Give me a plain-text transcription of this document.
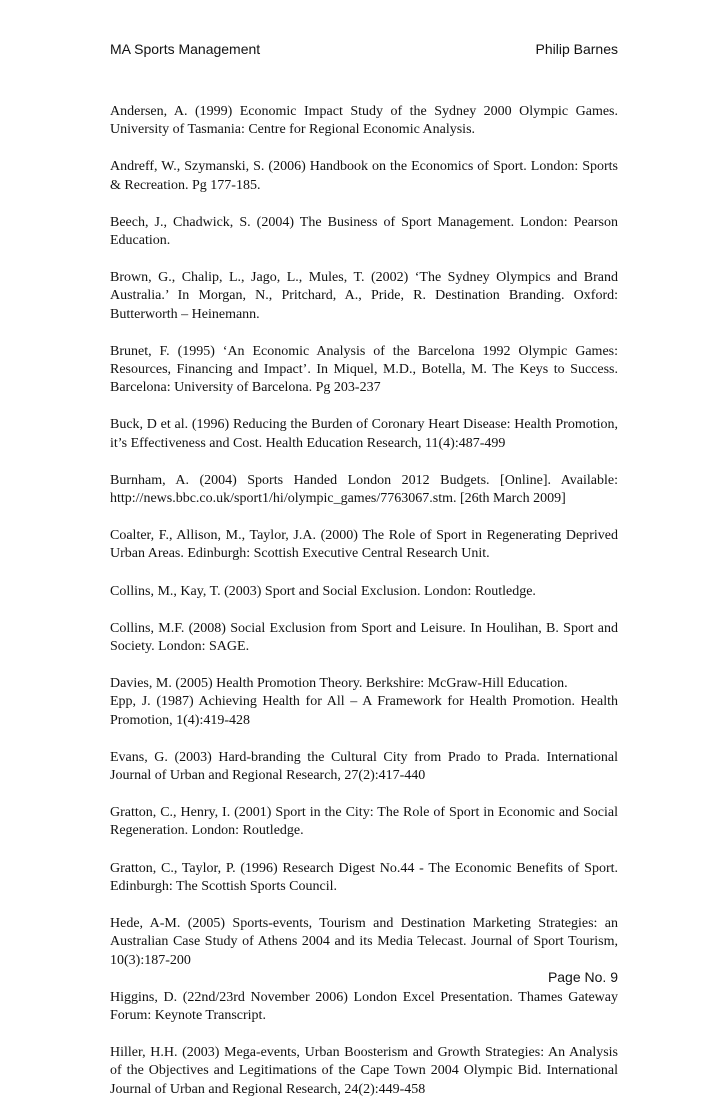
MA Sports Management	Philip Barnes

Andersen, A. (1999) Economic Impact Study of the Sydney 2000 Olympic Games. University of Tasmania: Centre for Regional Economic Analysis.

Andreff, W., Szymanski, S. (2006) Handbook on the Economics of Sport. London: Sports & Recreation. Pg 177-185.

Beech, J., Chadwick, S. (2004) The Business of Sport Management. London: Pearson Education.

Brown, G., Chalip, L., Jago, L., Mules, T. (2002) ‘The Sydney Olympics and Brand Australia.’ In Morgan, N., Pritchard, A., Pride, R. Destination Branding. Oxford: Butterworth – Heinemann.

Brunet, F. (1995) ‘An Economic Analysis of the Barcelona 1992 Olympic Games: Resources, Financing and Impact’. In Miquel, M.D., Botella, M. The Keys to Success. Barcelona: University of Barcelona. Pg 203-237

Buck, D et al. (1996) Reducing the Burden of Coronary Heart Disease: Health Promotion, it’s Effectiveness and Cost. Health Education Research, 11(4):487-499

Burnham, A. (2004) Sports Handed London 2012 Budgets. [Online]. Available: http://news.bbc.co.uk/sport1/hi/olympic_games/7763067.stm. [26th March 2009]

Coalter, F., Allison, M., Taylor, J.A. (2000) The Role of Sport in Regenerating Deprived Urban Areas. Edinburgh: Scottish Executive Central Research Unit.

Collins, M., Kay, T. (2003) Sport and Social Exclusion. London: Routledge.

Collins, M.F. (2008) Social Exclusion from Sport and Leisure. In Houlihan, B. Sport and Society. London: SAGE.

Davies, M. (2005) Health Promotion Theory. Berkshire: McGraw-Hill Education.

Epp, J. (1987) Achieving Health for All – A Framework for Health Promotion. Health Promotion, 1(4):419-428

Evans, G. (2003) Hard-branding the Cultural City from Prado to Prada. International Journal of Urban and Regional Research, 27(2):417-440

Gratton, C., Henry, I. (2001) Sport in the City: The Role of Sport in Economic and Social Regeneration. London: Routledge.

Gratton, C., Taylor, P. (1996) Research Digest No.44 - The Economic Benefits of Sport. Edinburgh: The Scottish Sports Council.

Hede, A-M. (2005) Sports-events, Tourism and Destination Marketing Strategies: an Australian Case Study of Athens 2004 and its Media Telecast. Journal of Sport Tourism, 10(3):187-200

Higgins, D. (22nd/23rd November 2006) London Excel Presentation. Thames Gateway Forum: Keynote Transcript.

Hiller, H.H. (2003) Mega-events, Urban Boosterism and Growth Strategies: An Analysis of the Objectives and Legitimations of the Cape Town 2004 Olympic Bid. International Journal of Urban and Regional Research, 24(2):449-458

Page No. 9
